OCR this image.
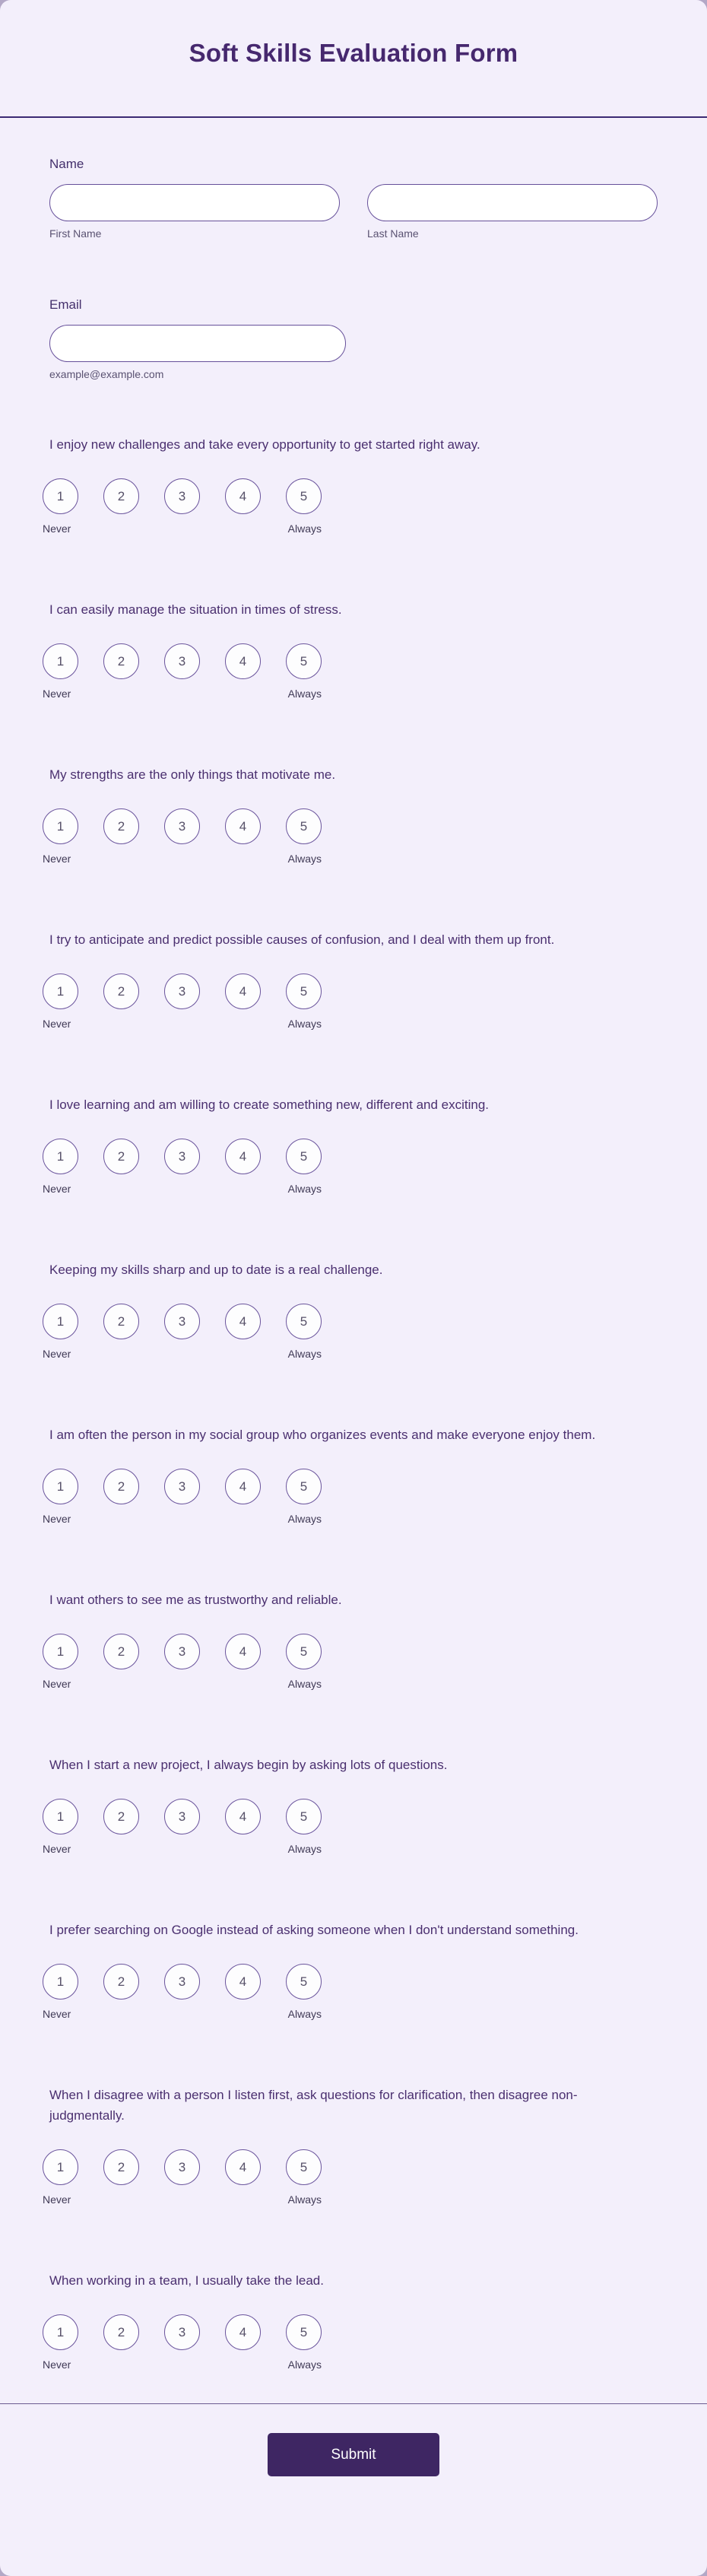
Soft Skills Evaluation Form
Name
First Name	Last Name
Email
example@example.com

I enjoy new challenges and take every opportunity to get started right away.

1	2	3	4	5
Never	Always

I can easily manage the situation in times of stress.

1	2	3	4	5
Never	Always

My strengths are the only things that motivate me.

1	2	3	4	5
Never	Always

I try to anticipate and predict possible causes of confusion, and I deal with them up front.

1	2	3	4	5
Never	Always

I love learning and am willing to create something new, different and exciting.

1	2	3	4	5
Never	Always

Keeping my skills sharp and up to date is a real challenge.

1	2	3	4	5
Never	Always

I am often the person in my social group who organizes events and make everyone enjoy them.

1	2	3	4	5
Never	Always

I want others to see me as trustworthy and reliable.

1	2	3	4	5
Never	Always

When I start a new project, I always begin by asking lots of questions.

1	2	3	4	5
Never	Always

I prefer searching on Google instead of asking someone when I don't understand something.

1	2	3	4	5
Never	Always

When I disagree with a person I listen first, ask questions for clarification, then disagree non-judgmentally.

1	2	3	4	5
Never	Always

When working in a team, I usually take the lead.

1	2	3	4	5
Never	Always
Submit
